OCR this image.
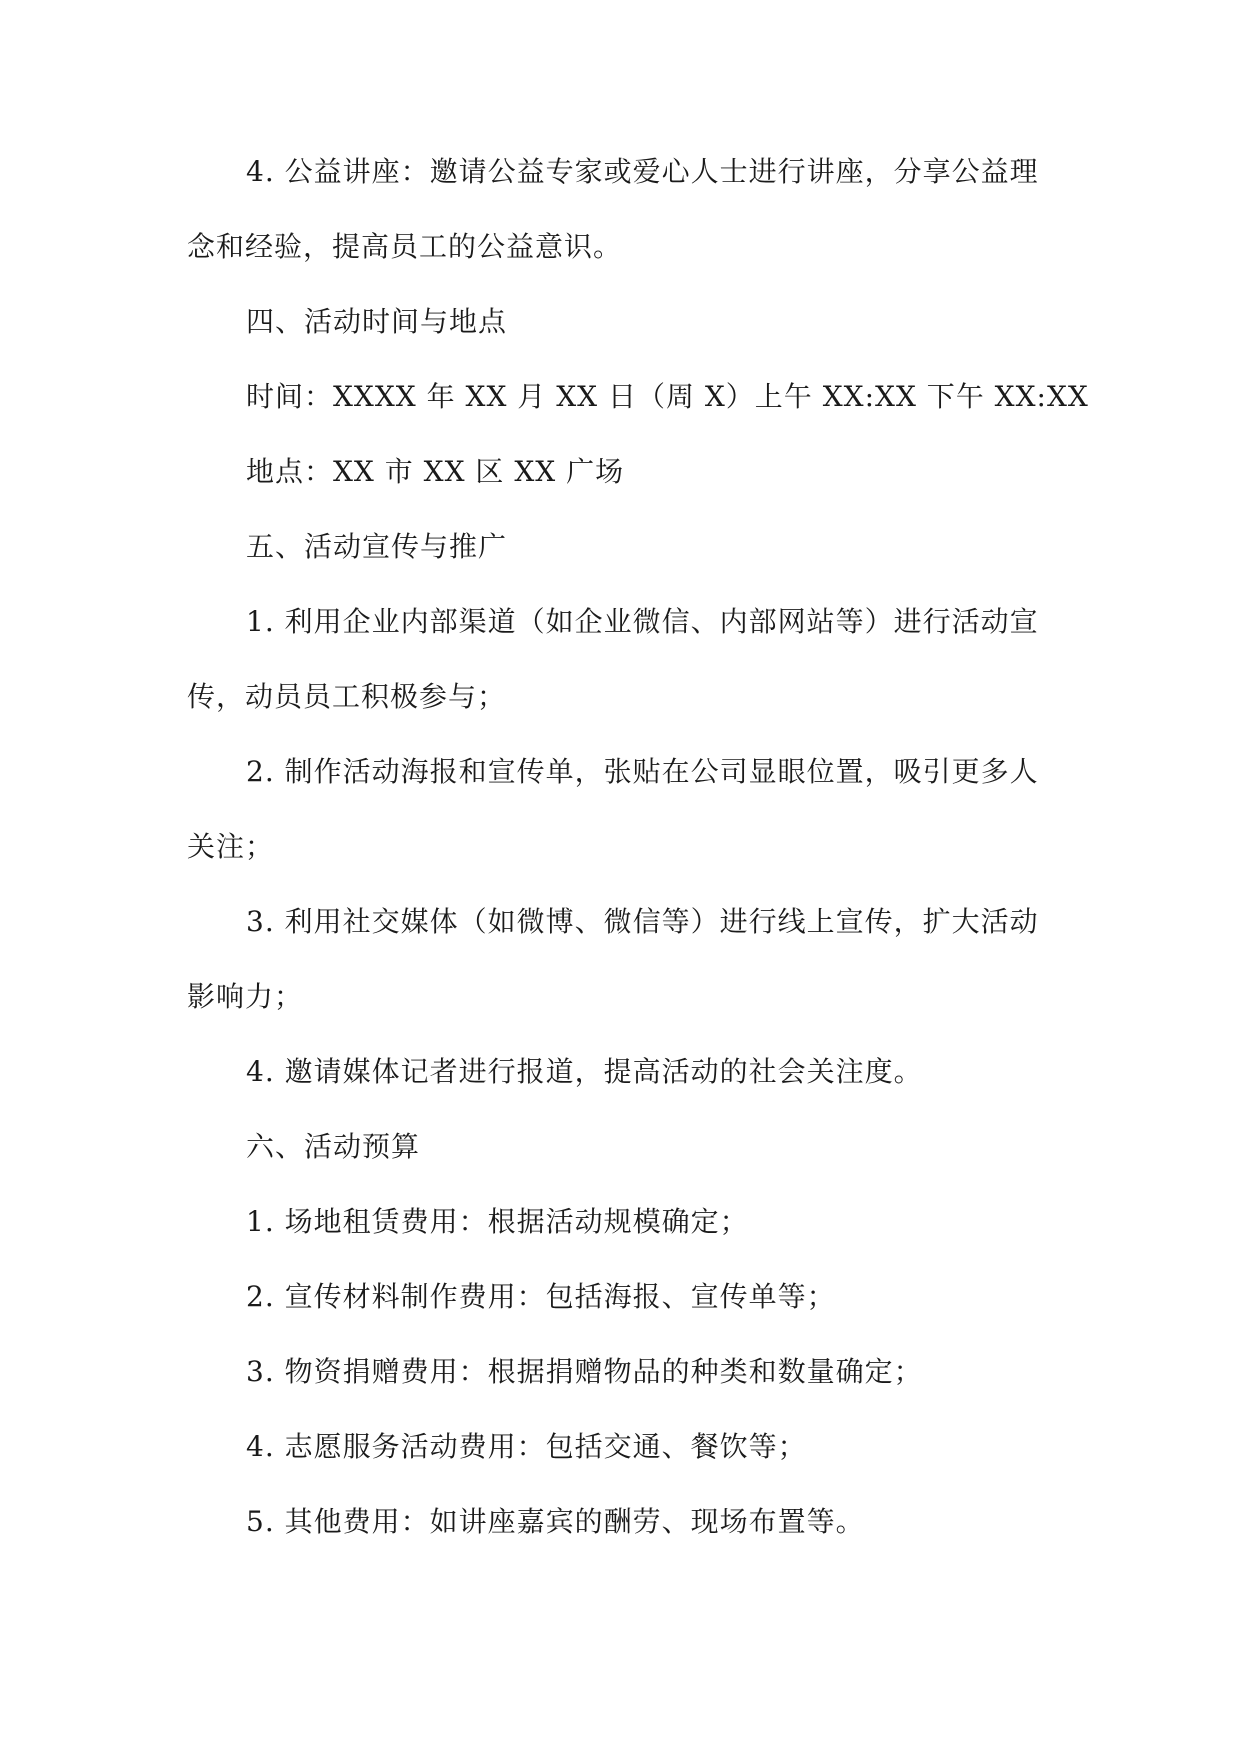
4. 公益讲座：邀请公益专家或爱心人士进行讲座，分享公益理
念和经验，提高员工的公益意识。
四、活动时间与地点
时间：XXXX 年 XX 月 XX 日（周 X）上午 XX:XX 下午 XX:XX
地点：XX 市 XX 区 XX 广场
五、活动宣传与推广
1. 利用企业内部渠道（如企业微信、内部网站等）进行活动宣
传，动员员工积极参与；
2. 制作活动海报和宣传单，张贴在公司显眼位置，吸引更多人
关注；
3. 利用社交媒体（如微博、微信等）进行线上宣传，扩大活动
影响力；
4. 邀请媒体记者进行报道，提高活动的社会关注度。
六、活动预算
1. 场地租赁费用：根据活动规模确定；
2. 宣传材料制作费用：包括海报、宣传单等；
3. 物资捐赠费用：根据捐赠物品的种类和数量确定；
4. 志愿服务活动费用：包括交通、餐饮等；
5. 其他费用：如讲座嘉宾的酬劳、现场布置等。
